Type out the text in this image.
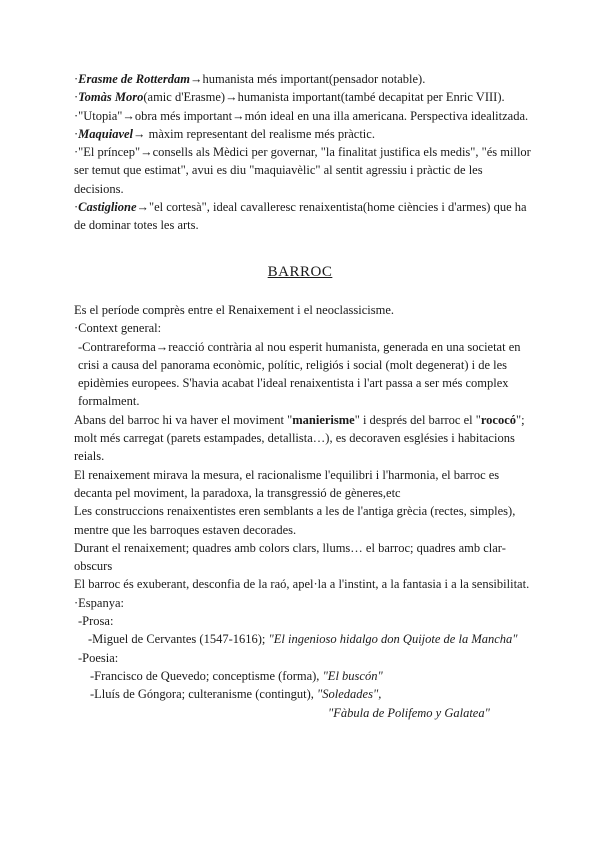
·Erasme de Rotterdam→humanista més important(pensador notable).

·Tomàs Moro(amic d'Erasme)→humanista important(també decapitat per Enric VIII).

·"Utopia"→obra més important→món ideal en una illa americana. Perspectiva idealitzada.

·Maquiavel→ màxim representant del realisme més pràctic.

·"El príncep"→consells als Mèdici per governar, "la finalitat justifica els medis", "és millor ser temut que estimat", avui es diu "maquiavèlic" al sentit agressiu i pràctic de les decisions.

·Castiglione→"el cortesà", ideal cavalleresc renaixentista(home ciències i d'armes) que ha de dominar totes les arts.

BARROC

Es el període comprès entre el Renaixement i el neoclassicisme.

·Context general:

-Contrareforma→reacció contrària al nou esperit humanista, generada en una societat en crisi a causa del panorama econòmic, polític, religiós i social (molt degenerat) i de les epidèmies europees. S'havia acabat l'ideal renaixentista i l'art passa a ser més complex formalment.

Abans del barroc hi va haver el moviment "manierisme" i després del barroc el "rococó"; molt més carregat (parets estampades, detallista…), es decoraven esglésies i habitacions reials.

El renaixement mirava la mesura, el racionalisme l'equilibri i l'harmonia, el barroc es decanta pel moviment, la paradoxa, la transgressió de gèneres,etc

Les construccions renaixentistes eren semblants a les de l'antiga grècia (rectes, simples), mentre que les barroques estaven decorades.

Durant el renaixement; quadres amb colors clars, llums… el barroc; quadres amb clar-obscurs

El barroc és exuberant, desconfia de la raó, apel·la a l'instint, a la fantasia i a la sensibilitat.

·Espanya:

-Prosa:

-Miguel de Cervantes (1547-1616); "El ingenioso hidalgo don Quijote de la Mancha"

-Poesia:

-Francisco de Quevedo; conceptisme (forma), "El buscón"

-Lluís de Góngora; culteranisme (contingut), "Soledades",

"Fàbula de Polifemo y Galatea"
